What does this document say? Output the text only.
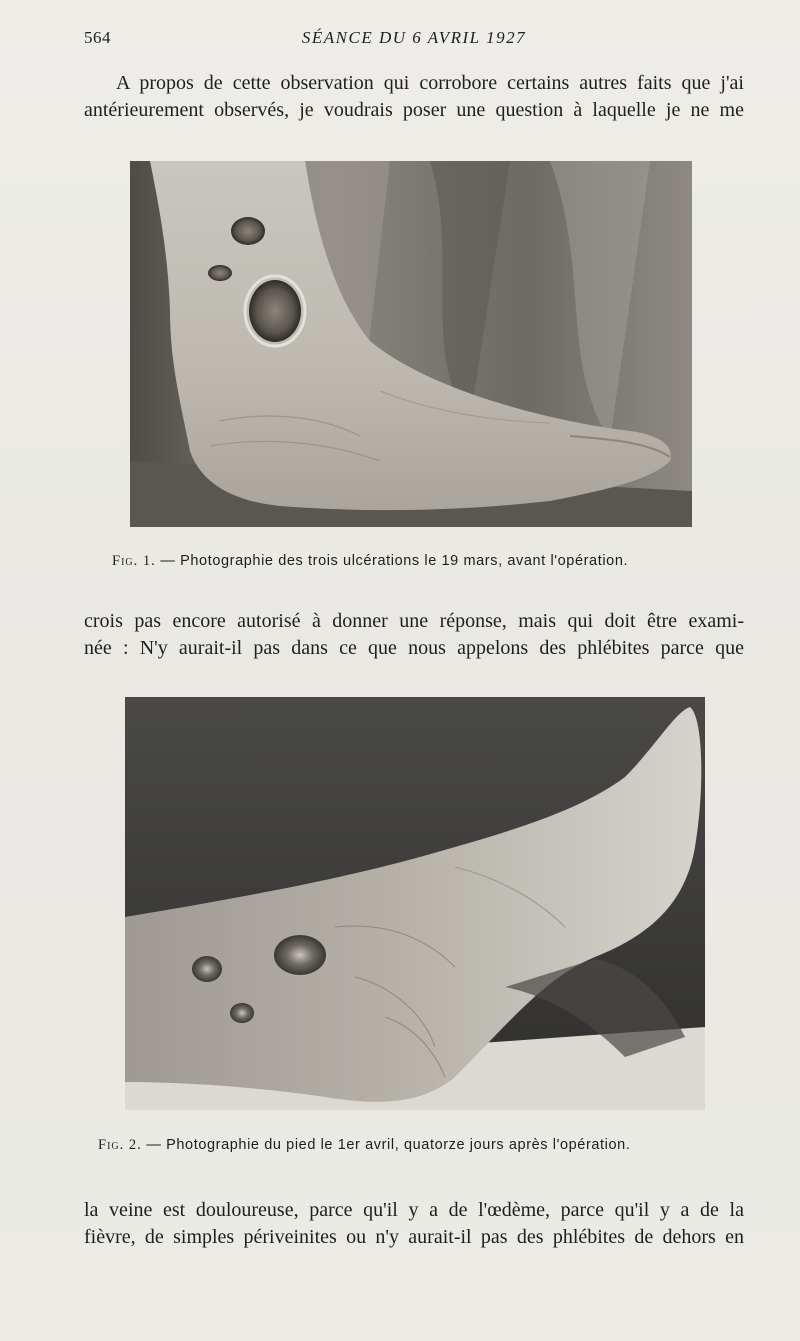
564	SÉANCE DU 6 AVRIL 1927

A propos de cette observation qui corrobore certains autres faits que j'ai
antérieurement observés, je voudrais poser une question à laquelle je ne me

Fig. 1. — Photographie des trois ulcérations le 19 mars, avant l'opération.

crois pas encore autorisé à donner une réponse, mais qui doit être exami-
née : N'y aurait-il pas dans ce que nous appelons des phlébites parce que

Fig. 2. — Photographie du pied le 1er avril, quatorze jours après l'opération.

la veine est douloureuse, parce qu'il y a de l'œdème, parce qu'il y a de la
fièvre, de simples périveinites ou n'y aurait-il pas des phlébites de dehors en
